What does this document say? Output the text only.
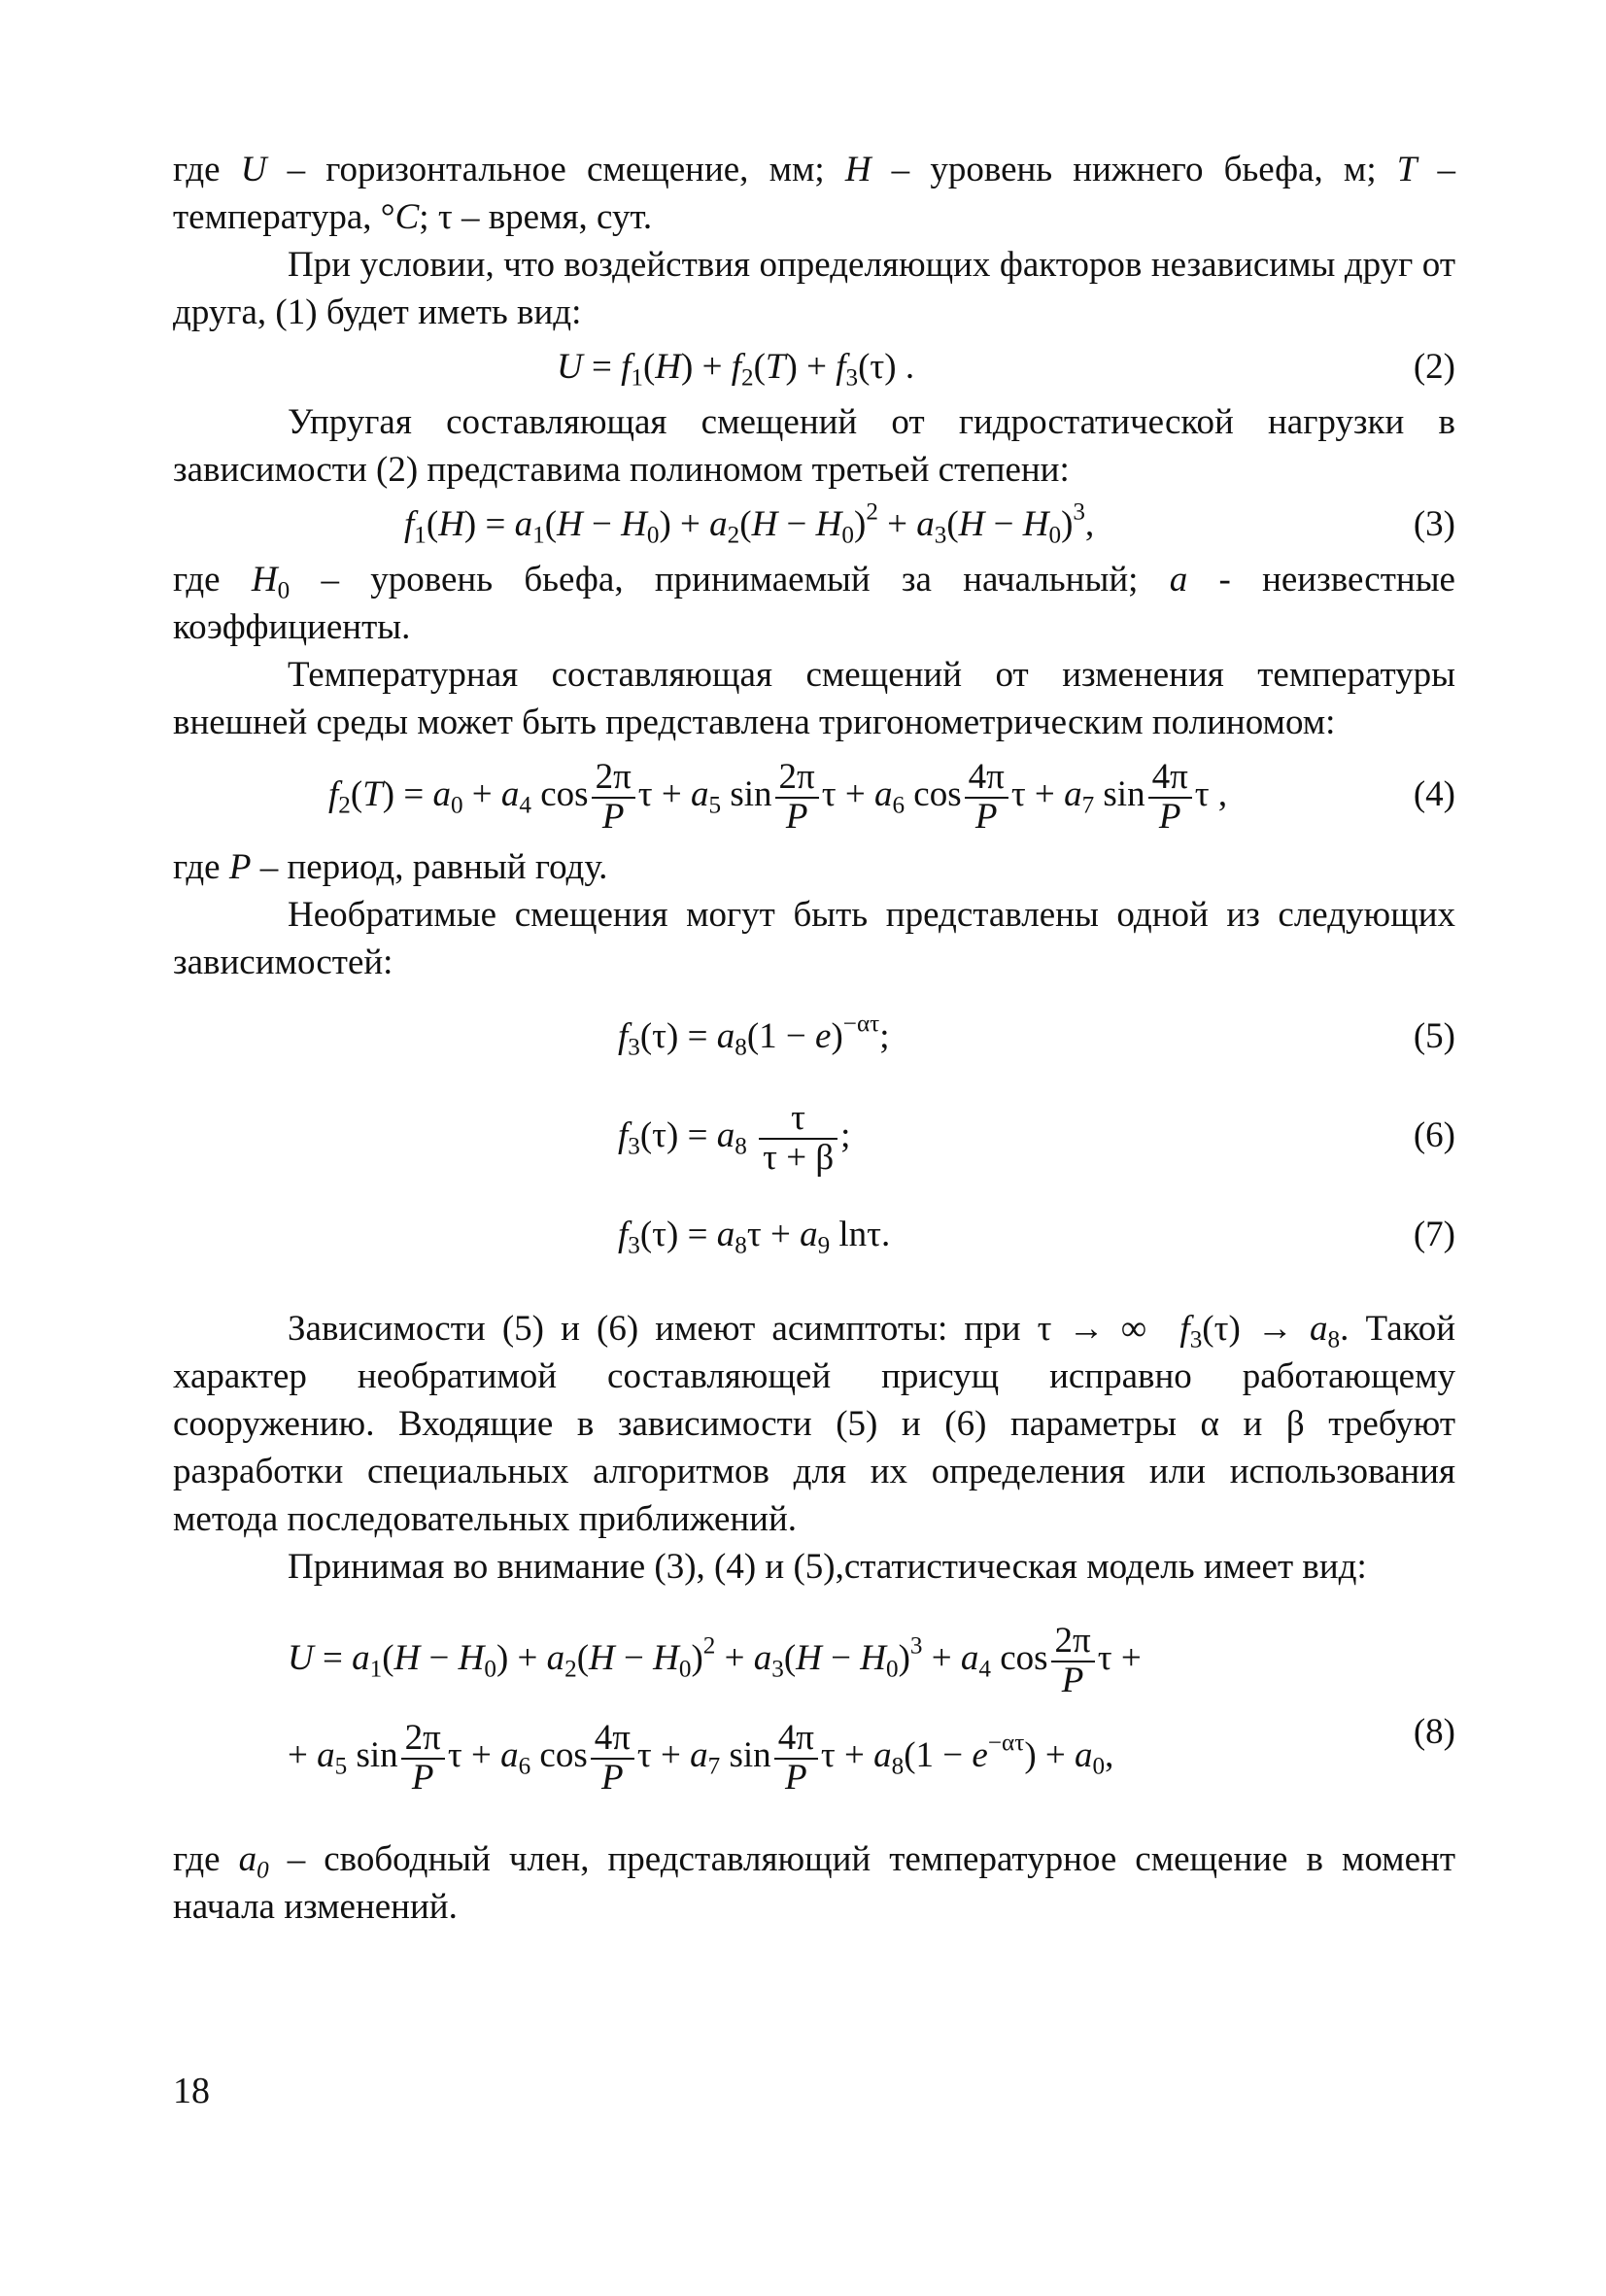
где U – горизонтальное смещение, мм; H – уровень нижнего бьефа, м; T – температура, °C; τ – время, сут.

При условии, что воздействия определяющих факторов независимы друг от друга, (1) будет иметь вид:

$U = f_1(H) + f_2(T) + f_3(\tau)$ .	(2)

Упругая составляющая смещений от гидростатической нагрузки в зависимости (2) представима полиномом третьей степени:

$f_1(H) = a_1(H - H_0) + a_2(H - H_0)^2 + a_3(H - H_0)^3$,	(3)

где $H_0$ – уровень бьефа, принимаемый за начальный; a - неизвестные коэффициенты.

Температурная составляющая смещений от изменения температуры внешней среды может быть представлена тригонометрическим полиномом:

$f_2(T) = a_0 + a_4$ $\cos \frac{2\pi}{P}$ $\tau + a_5$ $\sin \frac{2\pi}{P}$ $\tau + a_6$ $\cos \frac{4\pi}{P}$ $\tau + a_7$ $\sin \frac{4\pi}{P}$ τ ,	(4)

где P – период, равный году.

Необратимые смещения могут быть представлены одной из следующих зависимостей:

$f_3(\tau) = a_8(1 - e)^{-\alpha\tau}$;	(5)
$f_3(\tau) = a_8 \frac{\tau}{\tau + \beta}$ ;	(6)
$f_3(\tau) = a_8\tau + a_9$ lnτ.	(7)

Зависимости (5) и (6) имеют асимптоты: при τ → ∞  $f_3(\tau) \to a_8$. Такой характер необратимой составляющей присущ исправно работающему сооружению. Входящие в зависимости (5) и (6) параметры α и β требуют разработки специальных алгоритмов для их определения или использования метода последовательных приближений.

Принимая во внимание (3), (4) и (5),статистическая модель имеет вид:

$U = a_1(H - H_0) + a_2(H - H_0)^2 + a_3(H - H_0)^3 + a_4$ $\cos \frac{2\pi}{P}$ τ +
+ $a_5$ $\sin \frac{2\pi}{P}$ $\tau + a_6$ $\cos \frac{4\pi}{P}$ $\tau + a_7$ $\sin \frac{4\pi}{P}$ $\tau + a_8(1 - e^{-\alpha\tau}) + a_0$,
(8)

где $a_0$ – свободный член, представляющий температурное смещение в момент начала изменений.

18
